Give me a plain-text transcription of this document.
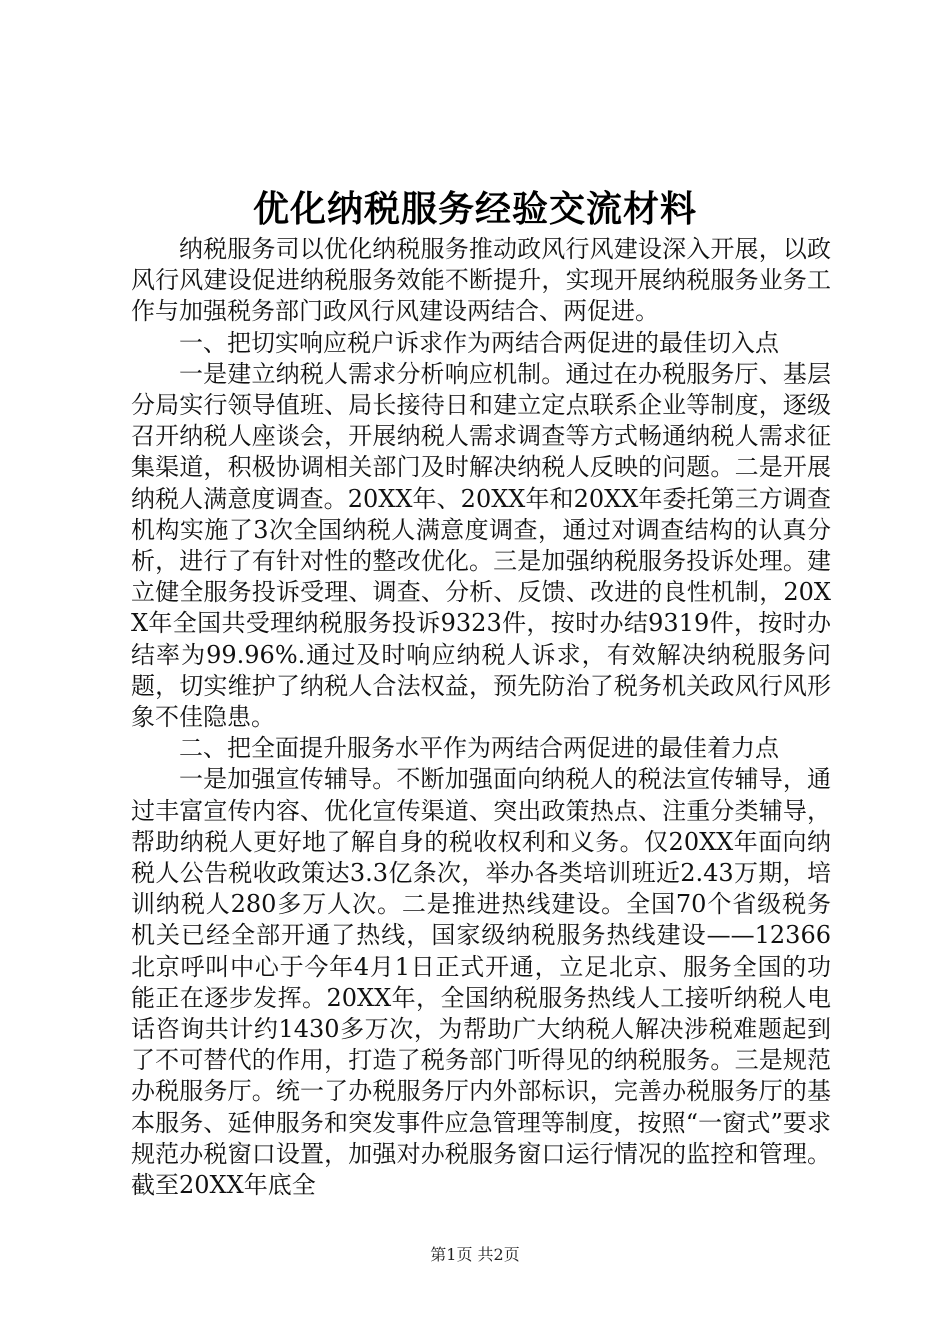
优化纳税服务经验交流材料

纳税服务司以优化纳税服务推动政风行风建设深入开展，以政风行风建设促进纳税服务效能不断提升，实现开展纳税服务业务工作与加强税务部门政风行风建设两结合、两促进。

一、把切实响应税户诉求作为两结合两促进的最佳切入点

一是建立纳税人需求分析响应机制。通过在办税服务厅、基层分局实行领导值班、局长接待日和建立定点联系企业等制度，逐级召开纳税人座谈会，开展纳税人需求调查等方式畅通纳税人需求征集渠道，积极协调相关部门及时解决纳税人反映的问题。二是开展纳税人满意度调查。20XX年、20XX年和20XX年委托第三方调查机构实施了3次全国纳税人满意度调查，通过对调查结构的认真分析，进行了有针对性的整改优化。三是加强纳税服务投诉处理。建立健全服务投诉受理、调查、分析、反馈、改进的良性机制，20XX年全国共受理纳税服务投诉9323件，按时办结9319件，按时办结率为99.96%.通过及时响应纳税人诉求，有效解决纳税服务问题，切实维护了纳税人合法权益，预先防治了税务机关政风行风形象不佳隐患。

二、把全面提升服务水平作为两结合两促进的最佳着力点

一是加强宣传辅导。不断加强面向纳税人的税法宣传辅导，通过丰富宣传内容、优化宣传渠道、突出政策热点、注重分类辅导，帮助纳税人更好地了解自身的税收权利和义务。仅20XX年面向纳税人公告税收政策达3.3亿条次，举办各类培训班近2.43万期，培训纳税人280多万人次。二是推进热线建设。全国70个省级税务机关已经全部开通了热线，国家级纳税服务热线建设——12366北京呼叫中心于今年4月1日正式开通，立足北京、服务全国的功能正在逐步发挥。20XX年，全国纳税服务热线人工接听纳税人电话咨询共计约1430多万次，为帮助广大纳税人解决涉税难题起到了不可替代的作用，打造了税务部门听得见的纳税服务。三是规范办税服务厅。统一了办税服务厅内外部标识，完善办税服务厅的基本服务、延伸服务和突发事件应急管理等制度，按照“一窗式”要求规范办税窗口设置，加强对办税服务窗口运行情况的监控和管理。截至20XX年底全

第1页 共2页
